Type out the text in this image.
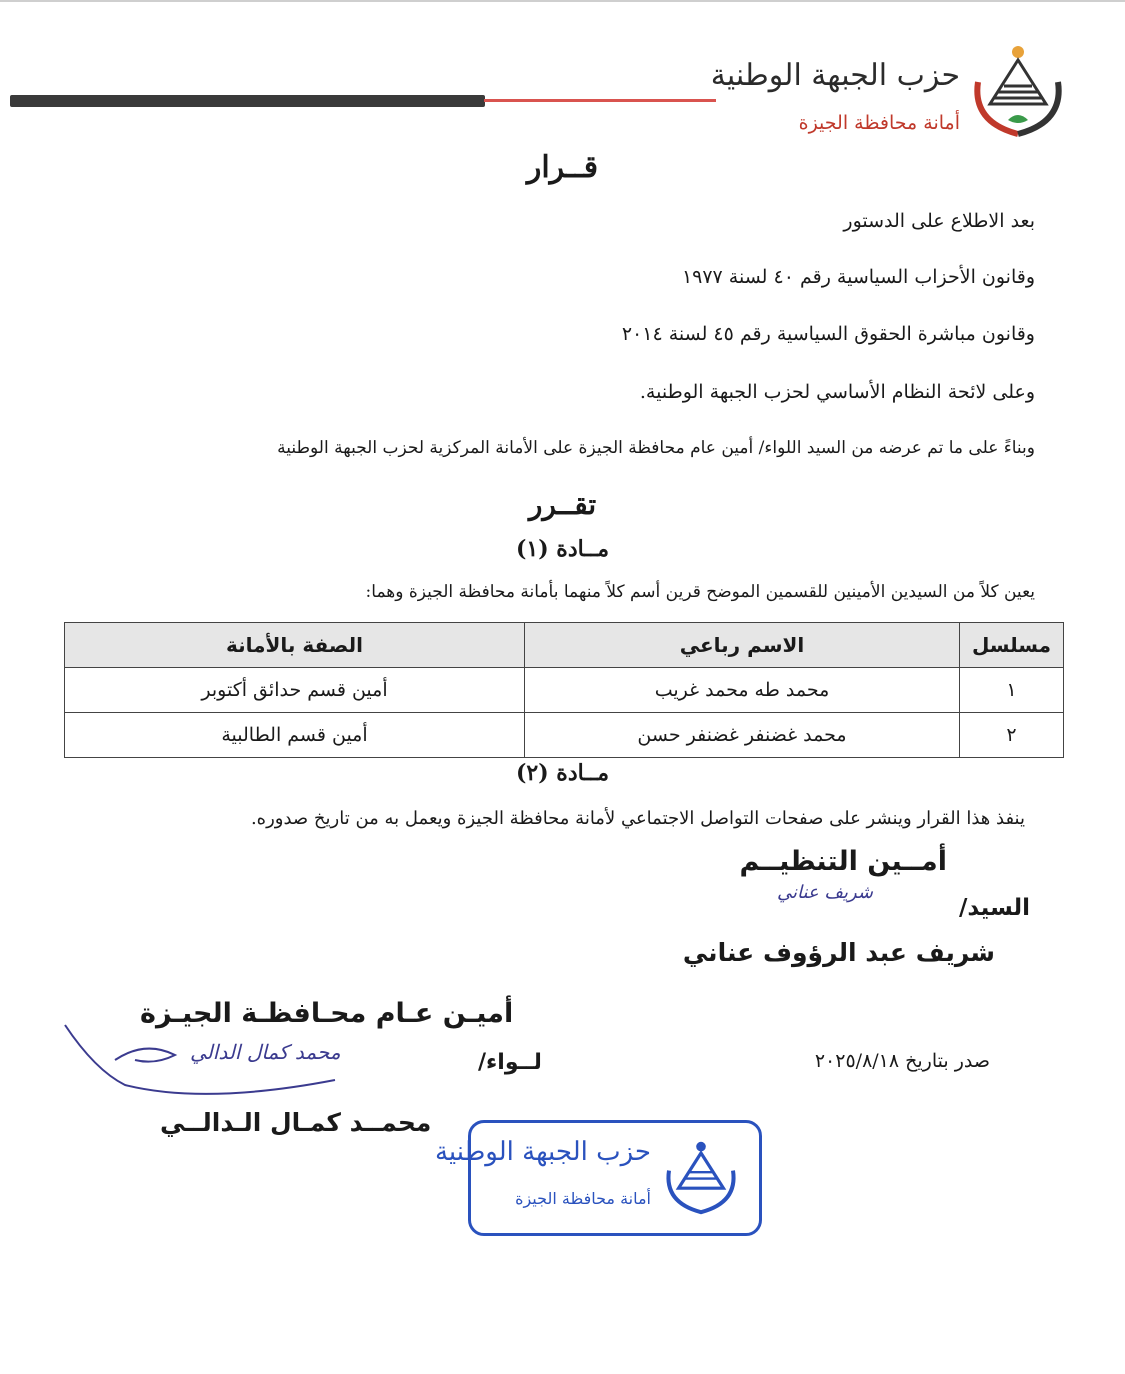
حزب الجبهة الوطنية
أمانة محافظة الجيزة
قــرار
بعد الاطلاع على الدستور
وقانون الأحزاب السياسية رقم ٤٠ لسنة ١٩٧٧
وقانون مباشرة الحقوق السياسية رقم ٤٥ لسنة ٢٠١٤
وعلى لائحة النظام الأساسي لحزب الجبهة الوطنية.
وبناءً على ما تم عرضه من السيد اللواء/ أمين عام محافظة الجيزة على الأمانة المركزية لحزب الجبهة الوطنية
تقــرر
مــادة (١)
يعين كلاً من السيدين الأمينين للقسمين الموضح قرين أسم كلاً منهما بأمانة محافظة الجيزة وهما:
مسلسل	الاسم رباعي	الصفة بالأمانة
١	محمد طه محمد غريب	أمين قسم حدائق أكتوبر
٢	محمد غضنفر غضنفر حسن	أمين قسم الطالبية
مــادة (٢)
ينفذ هذا القرار وينشر على صفحات التواصل الاجتماعي لأمانة محافظة الجيزة ويعمل به من تاريخ صدوره.
أمــين التنظيــم
السيد/
شريف عناني
شريف عبد الرؤوف عناني
أميـن عـام محـافظـة الجيـزة
محمد كمال الدالي	لــواء/
محمــد كمـال الـدالــي
صدر بتاريخ ٢٠٢٥/٨/١٨
حزب الجبهة الوطنية
أمانة محافظة الجيزة
